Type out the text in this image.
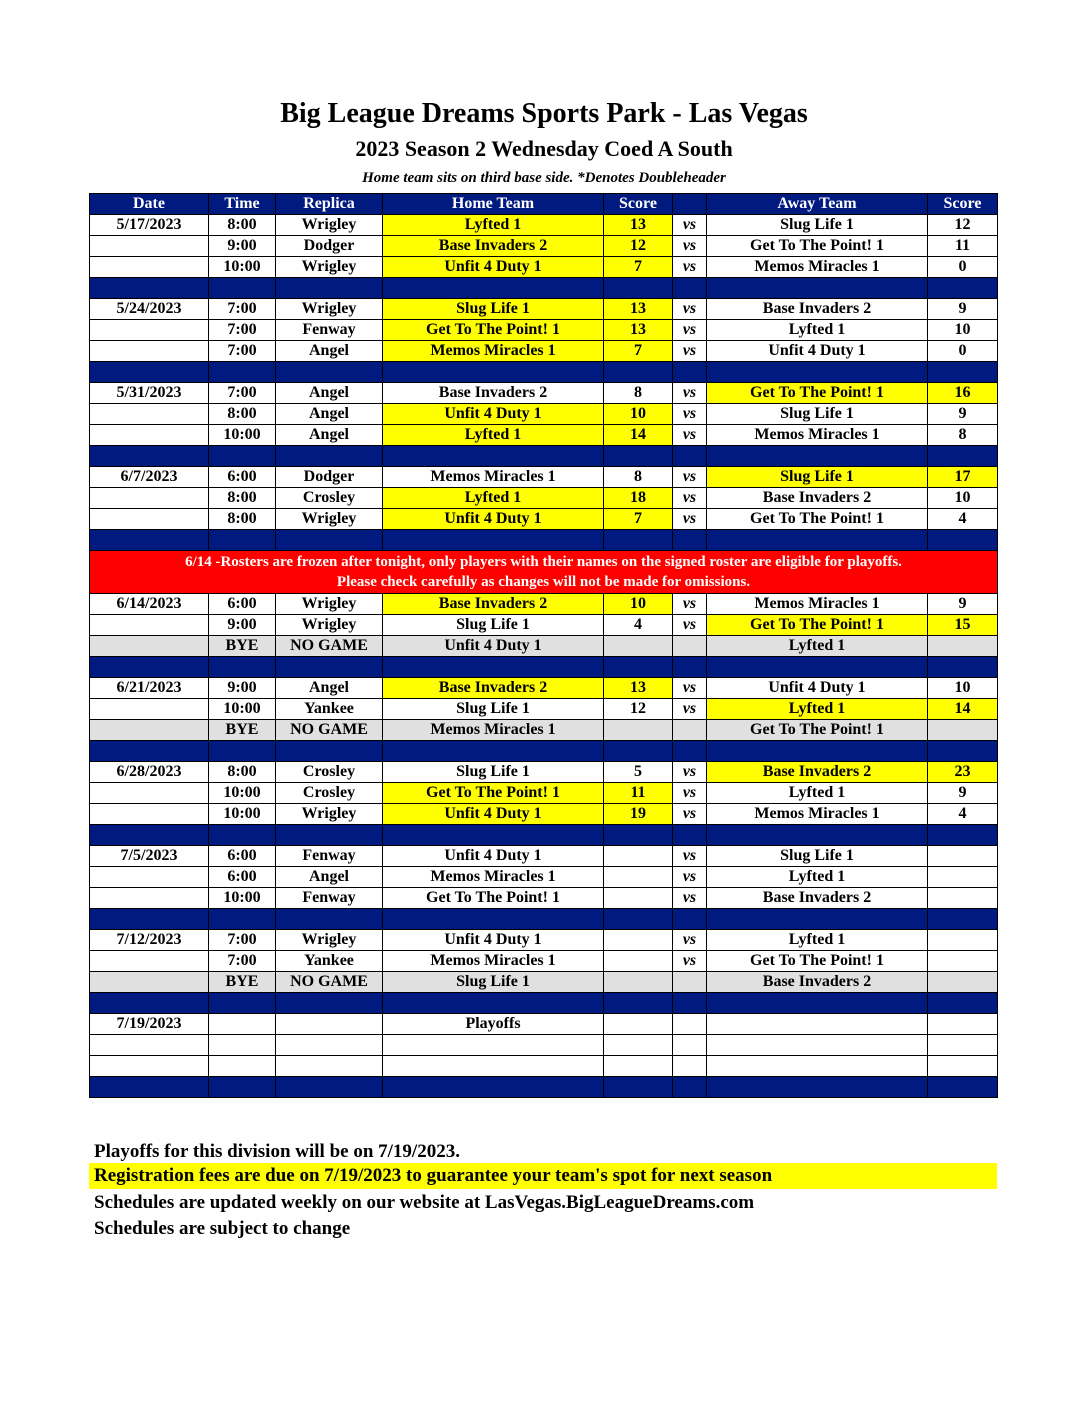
Big League Dreams Sports Park - Las Vegas
2023 Season 2 Wednesday Coed A South
Home team sits on third base side. *Denotes Doubleheader
Date	Time	Replica	Home Team	Score		Away Team	Score
5/17/2023	8:00	Wrigley	Lyfted 1	13	vs	Slug Life 1	12
	9:00	Dodger	Base Invaders 2	12	vs	Get To The Point! 1	11
	10:00	Wrigley	Unfit 4 Duty 1	7	vs	Memos Miracles 1	0

5/24/2023	7:00	Wrigley	Slug Life 1	13	vs	Base Invaders 2	9
	7:00	Fenway	Get To The Point! 1	13	vs	Lyfted 1	10
	7:00	Angel	Memos Miracles 1	7	vs	Unfit 4 Duty 1	0

5/31/2023	7:00	Angel	Base Invaders 2	8	vs	Get To The Point! 1	16
	8:00	Angel	Unfit 4 Duty 1	10	vs	Slug Life 1	9
	10:00	Angel	Lyfted 1	14	vs	Memos Miracles 1	8

6/7/2023	6:00	Dodger	Memos Miracles 1	8	vs	Slug Life 1	17
	8:00	Crosley	Lyfted 1	18	vs	Base Invaders 2	10
	8:00	Wrigley	Unfit 4 Duty 1	7	vs	Get To The Point! 1	4

6/14 -Rosters are frozen after tonight, only players with their names on the signed roster are eligible for playoffs.
Please check carefully as changes will not be made for omissions.							

6/14/2023	6:00	Wrigley	Base Invaders 2	10	vs	Memos Miracles 1	9
	9:00	Wrigley	Slug Life 1	4	vs	Get To The Point! 1	15
	BYE	NO GAME	Unfit 4 Duty 1			Lyfted 1	

6/21/2023	9:00	Angel	Base Invaders 2	13	vs	Unfit 4 Duty 1	10
	10:00	Yankee	Slug Life 1	12	vs	Lyfted 1	14
	BYE	NO GAME	Memos Miracles 1			Get To The Point! 1	

6/28/2023	8:00	Crosley	Slug Life 1	5	vs	Base Invaders 2	23
	10:00	Crosley	Get To The Point! 1	11	vs	Lyfted 1	9
	10:00	Wrigley	Unfit 4 Duty 1	19	vs	Memos Miracles 1	4

7/5/2023	6:00	Fenway	Unfit 4 Duty 1		vs	Slug Life 1	
	6:00	Angel	Memos Miracles 1		vs	Lyfted 1	
	10:00	Fenway	Get To The Point! 1		vs	Base Invaders 2	

7/12/2023	7:00	Wrigley	Unfit 4 Duty 1		vs	Lyfted 1	
	7:00	Yankee	Memos Miracles 1		vs	Get To The Point! 1	
	BYE	NO GAME	Slug Life 1			Base Invaders 2	

7/19/2023			Playoffs				

Playoffs for this division will be on 7/19/2023.
Registration fees are due on 7/19/2023 to guarantee your team's spot for next season
Schedules are updated weekly on our website at LasVegas.BigLeagueDreams.com
Schedules are subject to change
